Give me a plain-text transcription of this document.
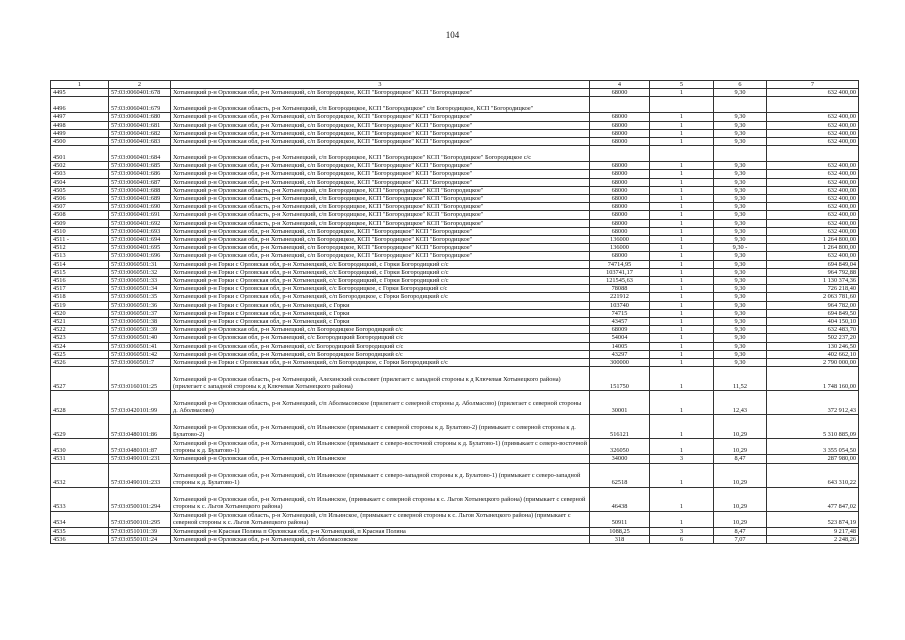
104
1	2	3	4	5	6	7
4495	57:03:0060401:678	Хотынецкий р-н Орловская обл, р-н Хотынецкий, с/п Богородицкое, КСП "Богородицкое" КСП "Богородицкое"	68000	1	9,30	632 400,00
4496	57:03:0060401:679	Хотынецкий р-н Орловская область, р-н Хотынецкий, с/п Богородицкое, КСП "Богородицкое" с/п Богородицкое, КСП "Богородицкое"				
4497	57:03:0060401:680	Хотынецкий р-н Орловская обл, р-н Хотынецкий, с/п Богородицкое, КСП "Богородицкое" КСП "Богородицкое"	68000	1	9,30	632 400,00
4498	57:03:0060401:681	Хотынецкий р-н Орловская обл, р-н Хотынецкий, с/п Богородицкое, КСП "Богородицкое" КСП "Богородицкое"	68000	1	9,30	632 400,00
4499	57:03:0060401:682	Хотынецкий р-н Орловская обл, р-н Хотынецкий, с/п Богородицкое, КСП "Богородицкое" КСП "Богородицкое"	68000	1	9,30	632 400,00
4500	57:03:0060401:683	Хотынецкий р-н Орловская обл, р-н Хотынецкий, с/п Богородицкое, КСП "Богородицкое" КСП "Богородицкое"	68000	1	9,30	632 400,00
4501	57:03:0060401:684	Хотынецкий р-н Орловская область, р-н Хотынецкий, с/п Богородицкое, КСП "Богородицкое" КСП "Богородицкое" Богородицкое с/с				
4502	57:03:0060401:685	Хотынецкий р-н Орловская обл, р-н Хотынецкий, с/п Богородицкое, КСП "Богородицкое" КСП "Богородицкое"	68000	1	9,30	632 400,00
4503	57:03:0060401:686	Хотынецкий р-н Орловская обл, р-н Хотынецкий, с/п Богородицкое, КСП "Богородицкое" КСП "Богородицкое"	68000	1	9,30	632 400,00
4504	57:03:0060401:687	Хотынецкий р-н Орловская обл, р-н Хотынецкий, с/п Богородицкое, КСП "Богородицкое" КСП "Богородицкое"	68000	1	9,30	632 400,00
4505	57:03:0060401:688	Хотынецкий р-н Орловская область, р-н Хотынецкий, с/п Богородицкое, КСП "Богородицкое" КСП "Богородицкое"	68000	1	9,30	632 400,00
4506	57:03:0060401:689	Хотынецкий р-н Орловская область, р-н Хотынецкий, с/п Богородицкое, КСП "Богородицкое" КСП "Богородицкое"	68000	1	9,30	632 400,00
4507	57:03:0060401:690	Хотынецкий р-н Орловская область, р-н Хотынецкий, с/п Богородицкое, КСП "Богородицкое" КСП "Богородицкое"	68000	1	9,30	632 400,00
4508	57:03:0060401:691	Хотынецкий р-н Орловская область, р-н Хотынецкий, с/п Богородицкое, КСП "Богородицкое" КСП "Богородицкое"	68000	1	9,30	632 400,00
4509	57:03:0060401:692	Хотынецкий р-н Орловская область, р-н Хотынецкий, с/п Богородицкое, КСП "Богородицкое" КСП "Богородицкое"	68000	1	9,30	632 400,00
4510	57:03:0060401:693	Хотынецкий р-н Орловская обл, р-н Хотынецкий, с/п Богородицкое, КСП "Богородицкое" КСП "Богородицкое"	68000	1	9,30	632 400,00
4511 -	57:03:0060401:694	Хотынецкий р-н Орловская обл, р-н Хотынецкий, с/п Богородицкое, КСП "Богородицкое" КСП "Богородицкое"	136000	1	9,30	1 264 800,00
4512	57:03:0060401:695	Хотынецкий р-н Орловская обл, р-н Хотынецкий, с/п Богородицкое, КСП "Богородицкое" КСП "Богородицкое"	136000	1	9,30 -	1 264 800,00
4513	57:03:0060401:696	Хотынецкий р-н Орловская обл, р-н Хотынецкий, с/п Богородицкое, КСП "Богородицкое" КСП "Богородицкое"	68000	1	9,30	632 400,00
4514	57:03:0060501:31	Хотынецкий р-н Горки с Орловская обл, р-н Хотынецкий, с/с Богородицкий, с Горки Богородицкий с/с	74714,95	1	9,30	694 849,04
4515	57:03:0060501:32	Хотынецкий р-н Горки с Орловская обл, р-н Хотынецкий, с/с Богородицкий, с Горки Богородицкий с/с	103741,17	1	9,30	964 792,88
4516	57:03:0060501:33	Хотынецкий р-н Горки с Орловская обл, р-н Хотынецкий, с/с Богородицкий, с Горки Богородицкий с/с	121545,63	1	9,30	1 130 374,36
4517	57:03:0060501:34	Хотынецкий р-н Горки с Орловская обл, р-н Хотынецкий, с/с Богородицкое, с Горки Богородицкий с/с	78088	1	9,30	726 218,40
4518	57:03:0060501:35	Хотынецкий р-н Горки с Орловская обл, р-н Хотынецкий, с/п Богородицкое, с Горки Богородицкий с/с	221912	1	9,30	2 063 781,60
4519	57:03:0060501:36	Хотынецкий р-н Горки с Орловская обл, р-н Хотынецкий, с Горки	103740	1	9,30	964 782,00
4520	57:03:0060501:37	Хотынецкий р-н Горки с Орловская обл, р-н Хотынецкий, с Горки	74715	1	9,30	694 849,50
4521	57:03:0060501:38	Хотынецкий р-н Горки с Орловская обл, р-н Хотынецкий, с Горки	43457	1	9,30	404 150,10
4522	57:03:0060501:39	Хотынецкий р-н Орловская обл, р-н Хотынецкий, с/п Богородицкое Богородицкий с/с	68009	1	9,30	632 483,70
4523	57:03:0060501:40	Хотынецкий р-н Орловская обл, р-н Хотынецкий, с/с Богородицкий Богородицкий с/с	54004	1	9,30	502 237,20
4524	57:03:0060501:41	Хотынецкий р-н Орловская обл, р-н Хотынецкий, с/с Богородицкий Богородицкий с/с	14005	1	9,30	130 246,50
4525	57:03:0060501:42	Хотынецкий р-н Орловская обл, р-н Хотынецкий, с/п Богородицкое Богородицкий с/с	43297	1	9,30	402 662,10
4526	57:03:0060501:7	Хотынецкий р-н Горки с Орловская обл, р-н Хотынецкий, с/п Богородицкое, с Горки Богородицкий с/с	300000	1	9,30	2 790 000,00
4527	57:03:0160101:25	Хотынецкий р-н Орловская область, р-н Хотынецкий, Алехинский сельсовет (прилегает с западной стороны к д Ключевая Хотынецкого района) (прилегает с западной стороны к д Ключевая Хотынецкого района)	151750	1	11,52	1 748 160,00
4528	57:03:0420101:99	Хотынецкий р-н Орловская область, р-н Хотынецкий, с/п Аболмасовское (прилегает с северной стороны д. Аболмасово) (прилегает с северной стороны д. Аболмасово)	30001	1	12,43	372 912,43
4529	57:03:0480101:86	Хотынецкий р-н Орловская обл, р-н Хотынецкий, с/п Ильинское (примыкает с северной стороны к д. Булатово-2) (примыкает с северной стороны к д. Булатово-2)	516121	1	10,29	5 310 885,09
4530	57:03:0480101:87	Хотынецкий р-н Орловская обл, р-н Хотынецкий, с/п Ильинское (примыкает с северо-восточной стороны к д. Булатово-1) (примыкает с северо-восточной стороны к д. Булатово-1)	326050	1	10,29	3 355 054,50
4531	57:03:0490101:231	Хотынецкий р-н Орловская обл, р-н Хотынецкий, с/п Ильинское	34000	3	8,47	287 980,00
4532	57:03:0490101:233	Хотынецкий р-н Орловская обл, р-н Хотынецкий, с/п Ильинское (примыкает с северо-западной стороны к д. Булатово-1) (примыкает с северо-западной стороны к д. Булатово-1)	62518	1	10,29	643 310,22
4533	57:03:0500101:294	Хотынецкий р-н Орловская обл, р-н Хотынецкий, с/п Ильинское, (примыкает с северной стороны к с. Льгов Хотынецкого района) (примыкает с северной стороны к с. Льгов Хотынецкого района)	46438	1	10,29	477 847,02
4534	57:03:0500101:295	Хотынецкий р-н Орловская область, р-н Хотынецкий, с/п Ильинское, (примыкает с северной стороны к с. Льгов Хотынецкого района) (примыкает с северной стороны к с. Льгов Хотынецкого района)	50911	1	10,29	523 874,19
4535	57:03:0510101:39	Хотынецкий р-н Красная Поляна п Орловская обл, р-н Хотынецкий, п Красная Поляна	1088,25	3	8,47	9 217,48
4536	57:03:0550101:24	Хотынецкий р-н Орловская обл, р-н Хотынецкий, с/п Аболмасовское	318	6	7,07	2 248,26
